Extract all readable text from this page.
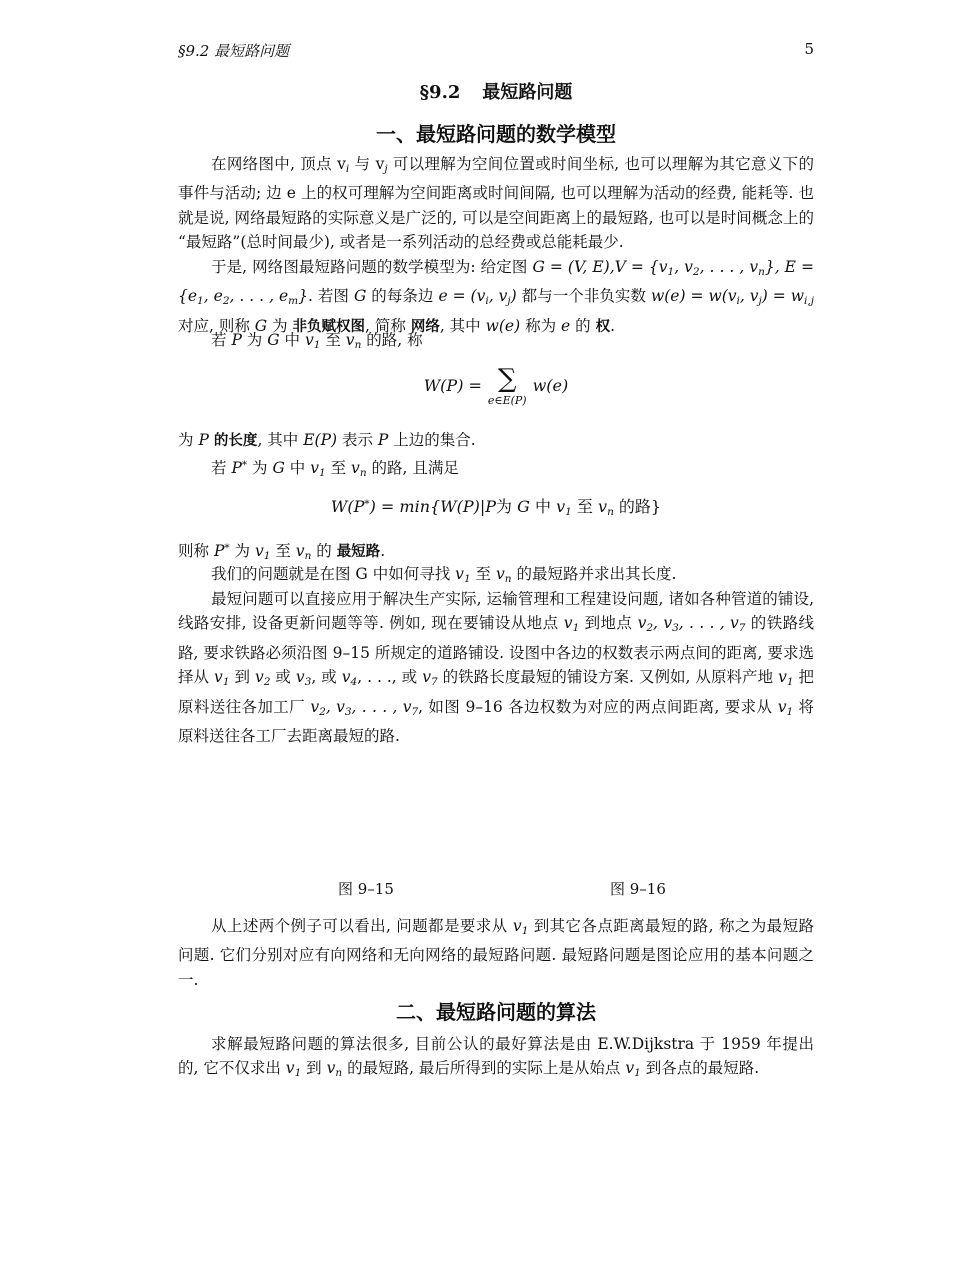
§9.2 最短路问题	5
§9.2 最短路问题
一、最短路问题的数学模型
在网络图中, 顶点 $v_i$ 与 $v_j$ 可以理解为空间位置或时间坐标, 也可以理解为其它意义下的事件与活动; 边 e 上的权可理解为空间距离或时间间隔, 也可以理解为活动的经费, 能耗等. 也就是说, 网络最短路的实际意义是广泛的, 可以是空间距离上的最短路, 也可以是时间概念上的 “最短路”(总时间最少), 或者是一系列活动的总经费或总能耗最少.
于是, 网络图最短路问题的数学模型为: 给定图 G = (V, $E),V = \{v_1$, $v_2$, . . . , $v_n$}, $E = \{e_1$, $e_2$, . . . , $e_m$}. 若图 G 的每条边 $e = (v_i$, $v_j$) 都与一个非负实数 $w(e) = w(v_i$, $v_j) = w_{i,j}$ 对应, 则称 G 为 非负赋权图, 简称 网络, 其中 w(e) 称为 e 的 权.
若 P 为 G 中 $v_1$ 至 $v_n$ 的路, 称
W(P) = ∑
e∈E(P)
w(e)
为 P 的长度, 其中 E(P) 表示 P 上边的集合.
若 P* 为 G 中 $v_1$ 至 $v_n$ 的路, 且满足
W(P*) = min{W(P)|P为 G 中 $v_1$ 至 $v_n$ 的路}
则称 P* 为 $v_1$ 至 $v_n$ 的 最短路.
我们的问题就是在图 G 中如何寻找 $v_1$ 至 $v_n$ 的最短路并求出其长度.
最短问题可以直接应用于解决生产实际, 运输管理和工程建设问题, 诸如各种管道的铺设, 线路安排, 设备更新问题等等. 例如, 现在要铺设从地点 $v_1$ 到地点 $v_2$, $v_3$, . . . , $v_7$ 的铁路线路, 要求铁路必须沿图 9–15 所规定的道路铺设. 设图中各边的权数表示两点间的距离, 要求选择从 $v_1$ 到 $v_2$ 或 $v_3$, 或 $v_4$, . . ., 或 $v_7$ 的铁路长度最短的铺设方案. 又例如, 从原料产地 $v_1$ 把原料送往各加工厂 $v_2$, $v_3$, . . . , $v_7$, 如图 9–16 各边权数为对应的两点间距离, 要求从 $v_1$ 将原料送往各工厂去距离最短的路.
图 9–15	图 9–16
从上述两个例子可以看出, 问题都是要求从 $v_1$ 到其它各点距离最短的路, 称之为最短路问题. 它们分别对应有向网络和无向网络的最短路问题. 最短路问题是图论应用的基本问题之一.
二、最短路问题的算法
求解最短路问题的算法很多, 目前公认的最好算法是由 E.W.Dijkstra 于 1959 年提出的, 它不仅求出 $v_1$ 到 $v_n$ 的最短路, 最后所得到的实际上是从始点 $v_1$ 到各点的最短路.
